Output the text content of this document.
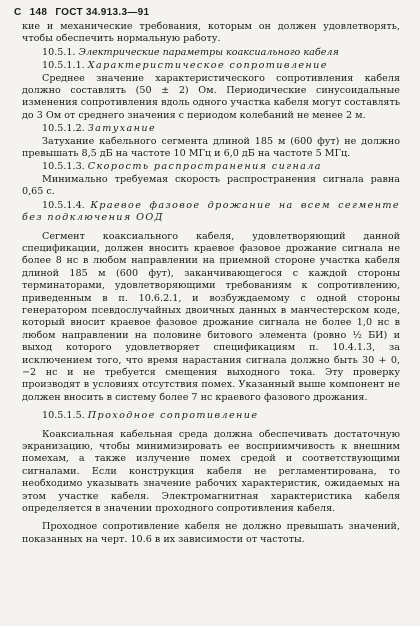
С 148 ГОСТ 34.913.3—91

кие и механические требования, которым он должен удовлетворять, чтобы обеспечить нормальную работу.

10.5.1. Электрические параметры коаксиального кабеля

10.5.1.1. Характеристическое сопротивление

Среднее значение характеристического сопротивления кабеля должно составлять (50 ± 2) Ом. Периодические синусоидальные изменения сопротивления вдоль одного участка кабеля могут составлять до 3 Ом от среднего значения с периодом колебаний не менее 2 м.

10.5.1.2. Затухание

Затухание кабельного сегмента длиной 185 м (600 фут) не должно превышать 8,5 дБ на частоте 10 МГц и 6,0 дБ на частоте 5 МГц.

10.5.1.3. Скорость распространения сигнала

Минимально требуемая скорость распространения сигнала равна 0,65 с.

10.5.1.4. Краевое фазовое дрожание на всем сегменте без подключения ООД

Сегмент коаксиального кабеля, удовлетворяющий данной спецификации, должен вносить краевое фазовое дрожание сигнала не более 8 нс в любом направлении на приемной стороне участка кабеля длиной 185 м (600 фут), заканчивающегося с каждой стороны терминаторами, удовлетворяющими требованиям к сопротивлению, приведенным в п. 10.6.2.1, и возбуждаемому с одной стороны генератором псевдослучайных двоичных данных в манчестерском коде, который вносит краевое фазовое дрожание сигнала не более 1,0 нс в любом направлении на половине битового элемента (ровно ½ БИ) и выход которого удовлетворяет спецификациям п. 10.4.1.3, за исключением того, что время нарастания сигнала должно быть 30 + 0, −2 нс и не требуется смещения выходного тока. Эту проверку производят в условиях отсутствия помех. Указанный выше компонент не должен вносить в систему более 7 нс краевого фазового дрожания.

10.5.1.5. Проходное сопротивление

Коаксиальная кабельная среда должна обеспечивать достаточную экранизацию, чтобы минимизировать ее восприимчивость к внешним помехам, а также излучение помех средой и соответствующими сигналами. Если конструкция кабеля не регламентирована, то необходимо указывать значение рабочих характеристик, ожидаемых на этом участке кабеля. Электромагнитная характеристика кабеля определяется в значении проходного сопротивления кабеля.

Проходное сопротивление кабеля не должно превышать значений, показанных на черт. 10.6 в их зависимости от частоты.
